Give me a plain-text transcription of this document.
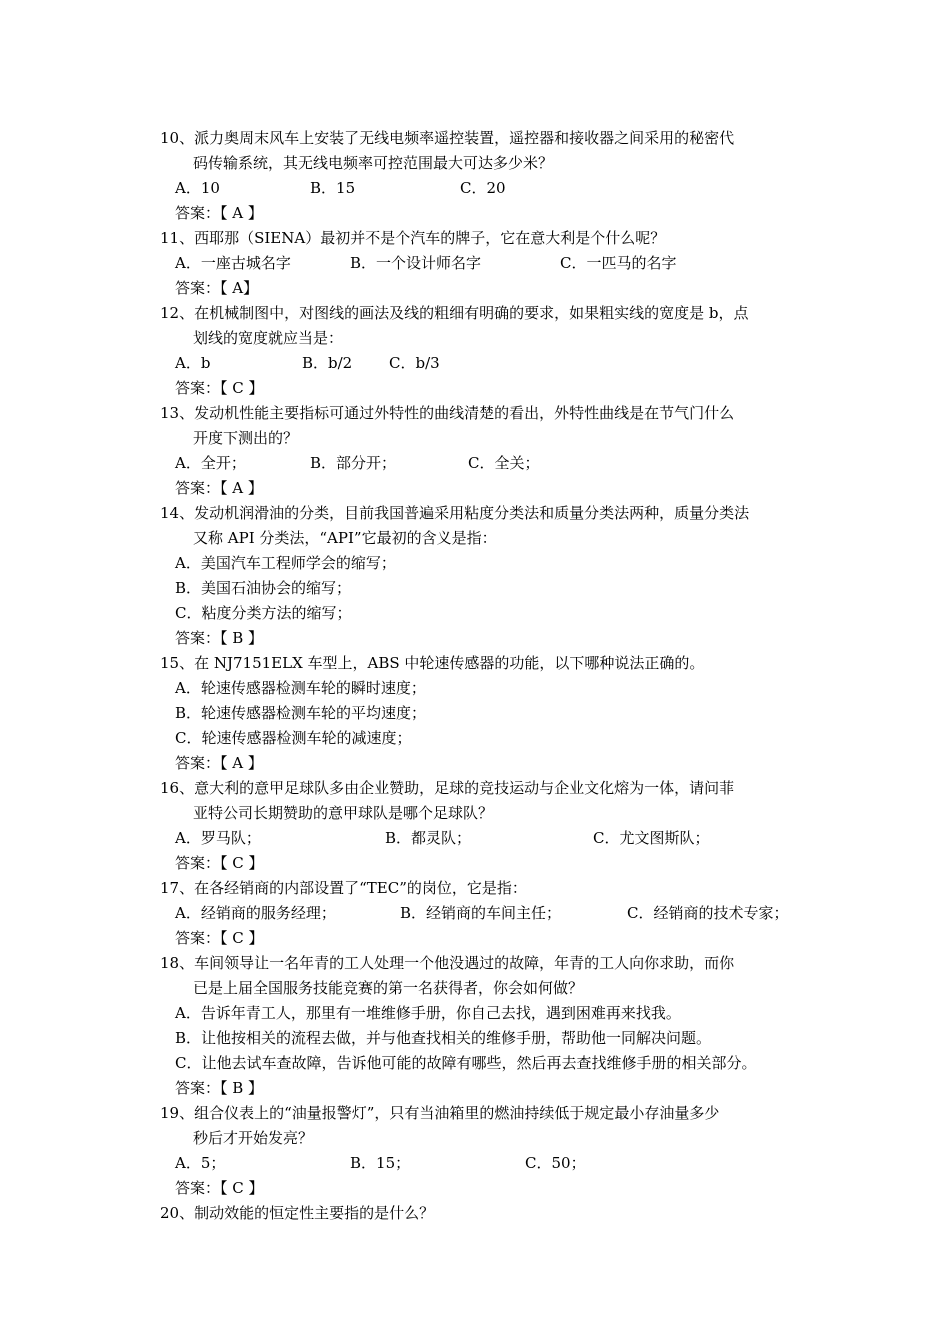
10、派力奥周末风车上安装了无线电频率遥控装置，遥控器和接收器之间采用的秘密代
码传输系统，其无线电频率可控范围最大可达多少米？
A．10	B．15	C．20
答案：【 A 】
11、西耶那（SIENA）最初并不是个汽车的牌子，它在意大利是个什么呢？
A．一座古城名字	B．一个设计师名字	C．一匹马的名字
答案：【 A】
12、在机械制图中，对图线的画法及线的粗细有明确的要求，如果粗实线的宽度是 b，点
划线的宽度就应当是：
A．b	B．b/2 C．b/3
答案：【 C 】
13、发动机性能主要指标可通过外特性的曲线清楚的看出，外特性曲线是在节气门什么
开度下测出的？
A．全开；	B．部分开；	C．全关；
答案：【 A 】
14、发动机润滑油的分类，目前我国普遍采用粘度分类法和质量分类法两种，质量分类法
又称 API 分类法，“API”它最初的含义是指：
A．美国汽车工程师学会的缩写；
B．美国石油协会的缩写；
C．粘度分类方法的缩写；
答案：【 B 】
15、在 NJ7151ELX 车型上，ABS 中轮速传感器的功能，以下哪种说法正确的。
A．轮速传感器检测车轮的瞬时速度；
B．轮速传感器检测车轮的平均速度；
C．轮速传感器检测车轮的减速度；
答案：【 A 】
16、意大利的意甲足球队多由企业赞助，足球的竞技运动与企业文化熔为一体，请问菲
亚特公司长期赞助的意甲球队是哪个足球队？
A．罗马队；	B．都灵队；	C．尤文图斯队；
答案：【 C 】
17、在各经销商的内部设置了“TEC”的岗位，它是指：
A．经销商的服务经理；	B．经销商的车间主任；	C．经销商的技术专家；
答案：【 C 】
18、车间领导让一名年青的工人处理一个他没遇过的故障，年青的工人向你求助，而你
已是上届全国服务技能竞赛的第一名获得者，你会如何做？
A．告诉年青工人，那里有一堆维修手册，你自己去找，遇到困难再来找我。
B．让他按相关的流程去做，并与他查找相关的维修手册，帮助他一同解决问题。
C．让他去试车查故障，告诉他可能的故障有哪些，然后再去查找维修手册的相关部分。
答案：【 B 】
19、组合仪表上的“油量报警灯”，只有当油箱里的燃油持续低于规定最小存油量多少
秒后才开始发亮？
A．5；	B．15；	C．50；
答案：【 C 】
20、制动效能的恒定性主要指的是什么？
